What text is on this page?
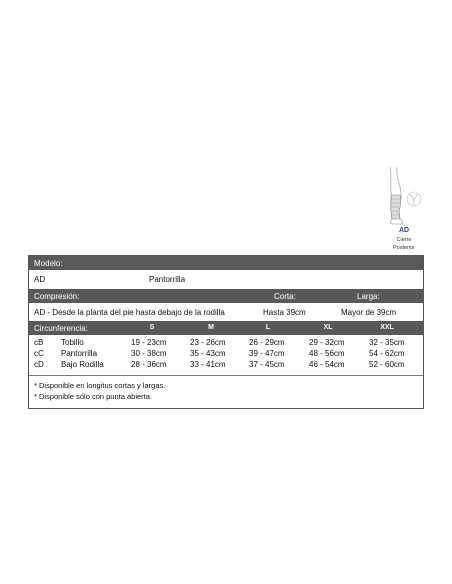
AD
Cierre
Posterior
Modelo:
AD	Pantorrilla
Compresión:	Corta:	Larga:
AD - Desde la planta del pie hasta debajo de la rodilla	Hasta 39cm	Mayor de 39cm
Circunferencia:	S	M	L	XL	XXL
cB Tobillo	19 - 23cm	23 - 26cm	26 - 29cm	29 - 32cm	32 - 35cm
cC Pantorrilla	30 - 38cm	35 - 43cm	39 - 47cm	48 - 56cm	54 - 62cm
cD Bajo Rodilla	28 - 36cm	33 - 41cm	37 - 45cm	46 - 54cm	52 - 60cm
* Disponible en longitus cortas y largas.
* Disponible sólo con punta abierta.
